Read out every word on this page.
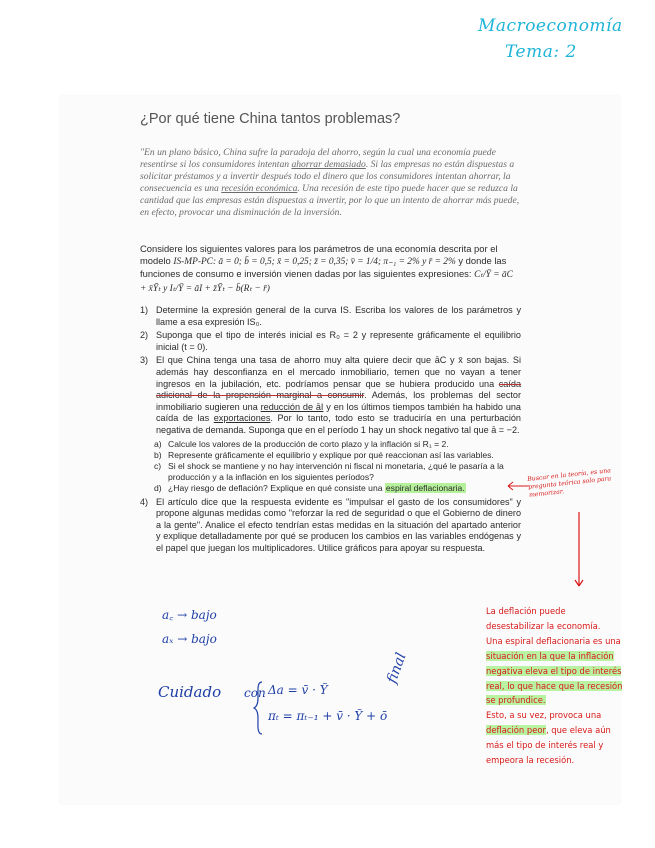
Macroeconomía
Tema: 2
¿Por qué tiene China tantos problemas?
"En un plano básico, China sufre la paradoja del ahorro, según la cual una economía puede resentirse si los consumidores intentan ahorrar demasiado. Si las empresas no están dispuestas a solicitar préstamos y a invertir después todo el dinero que los consumidores intentan ahorrar, la consecuencia es una recesión económica. Una recesión de este tipo puede hacer que se reduzca la cantidad que las empresas están dispuestas a invertir, por lo que un intento de ahorrar más puede, en efecto, provocar una disminución de la inversión.
Considere los siguientes valores para los parámetros de una economía descrita por el modelo IS-MP-PC: ā = 0; b̄ = 0,5; x̄ = 0,25; z̄ = 0,35; v̄ = 1/4; π₋₁ = 2% y r̄ = 2% y donde las funciones de consumo e inversión vienen dadas por las siguientes expresiones: Cₜ/Ȳ = āC + x̄Ỹₜ y Iₜ/Ȳ = āI + z̄Ỹₜ − b̄(Rₜ − r̄)
1) Determine la expresión general de la curva IS. Escriba los valores de los parámetros y llame a esa expresión IS₀.
2) Suponga que el tipo de interés inicial es R₀ = 2 y represente gráficamente el equilibrio inicial (t = 0).
3) El que China tenga una tasa de ahorro muy alta quiere decir que āC y x̄ son bajas. Si además hay desconfianza en el mercado inmobiliario, temen que no vayan a tener ingresos en la jubilación, etc. podríamos pensar que se hubiera producido una caída adicional de la propensión marginal a consumir. Además, los problemas del sector inmobiliario sugieren una reducción de āI y en los últimos tiempos también ha habido una caída de las exportaciones. Por lo tanto, todo esto se traduciría en una perturbación negativa de demanda. Suponga que en el período 1 hay un shock negativo tal que ā = −2.
a) Calcule los valores de la producción de corto plazo y la inflación si R₁ = 2.
b) Represente gráficamente el equilibrio y explique por qué reaccionan así las variables.
c) Si el shock se mantiene y no hay intervención ni fiscal ni monetaria, ¿qué le pasaría a la producción y a la inflación en los siguientes períodos?
d) ¿Hay riesgo de deflación? Explique en qué consiste una espiral deflacionaria.
4) El artículo dice que la respuesta evidente es "impulsar el gasto de los consumidores" y propone algunas medidas como "reforzar la red de seguridad o que el Gobierno de dinero a la gente". Analice el efecto tendrían estas medidas en la situación del apartado anterior y explique detalladamente por qué se producen los cambios en las variables endógenas y el papel que juegan los multiplicadores. Utilice gráficos para apoyar su respuesta.
Buscar en la teoría, es una pregunta teórica solo para memorizar.
La deflación puede
desestabilizar la economía.
Una espiral deflacionaria es una
situación en la que la inflación
negativa eleva el tipo de interés
real, lo que hace que la recesión
se profundice.
Esto, a su vez, provoca una
deflación peor, que eleva aún
más el tipo de interés real y
empeora la recesión.
a꜀ → bajo
aₓ → bajo
Cuidado con Δa = v̄ · Ỹ
πₜ = πₜ₋₁ + v̄ · Ỹ + ō
final
